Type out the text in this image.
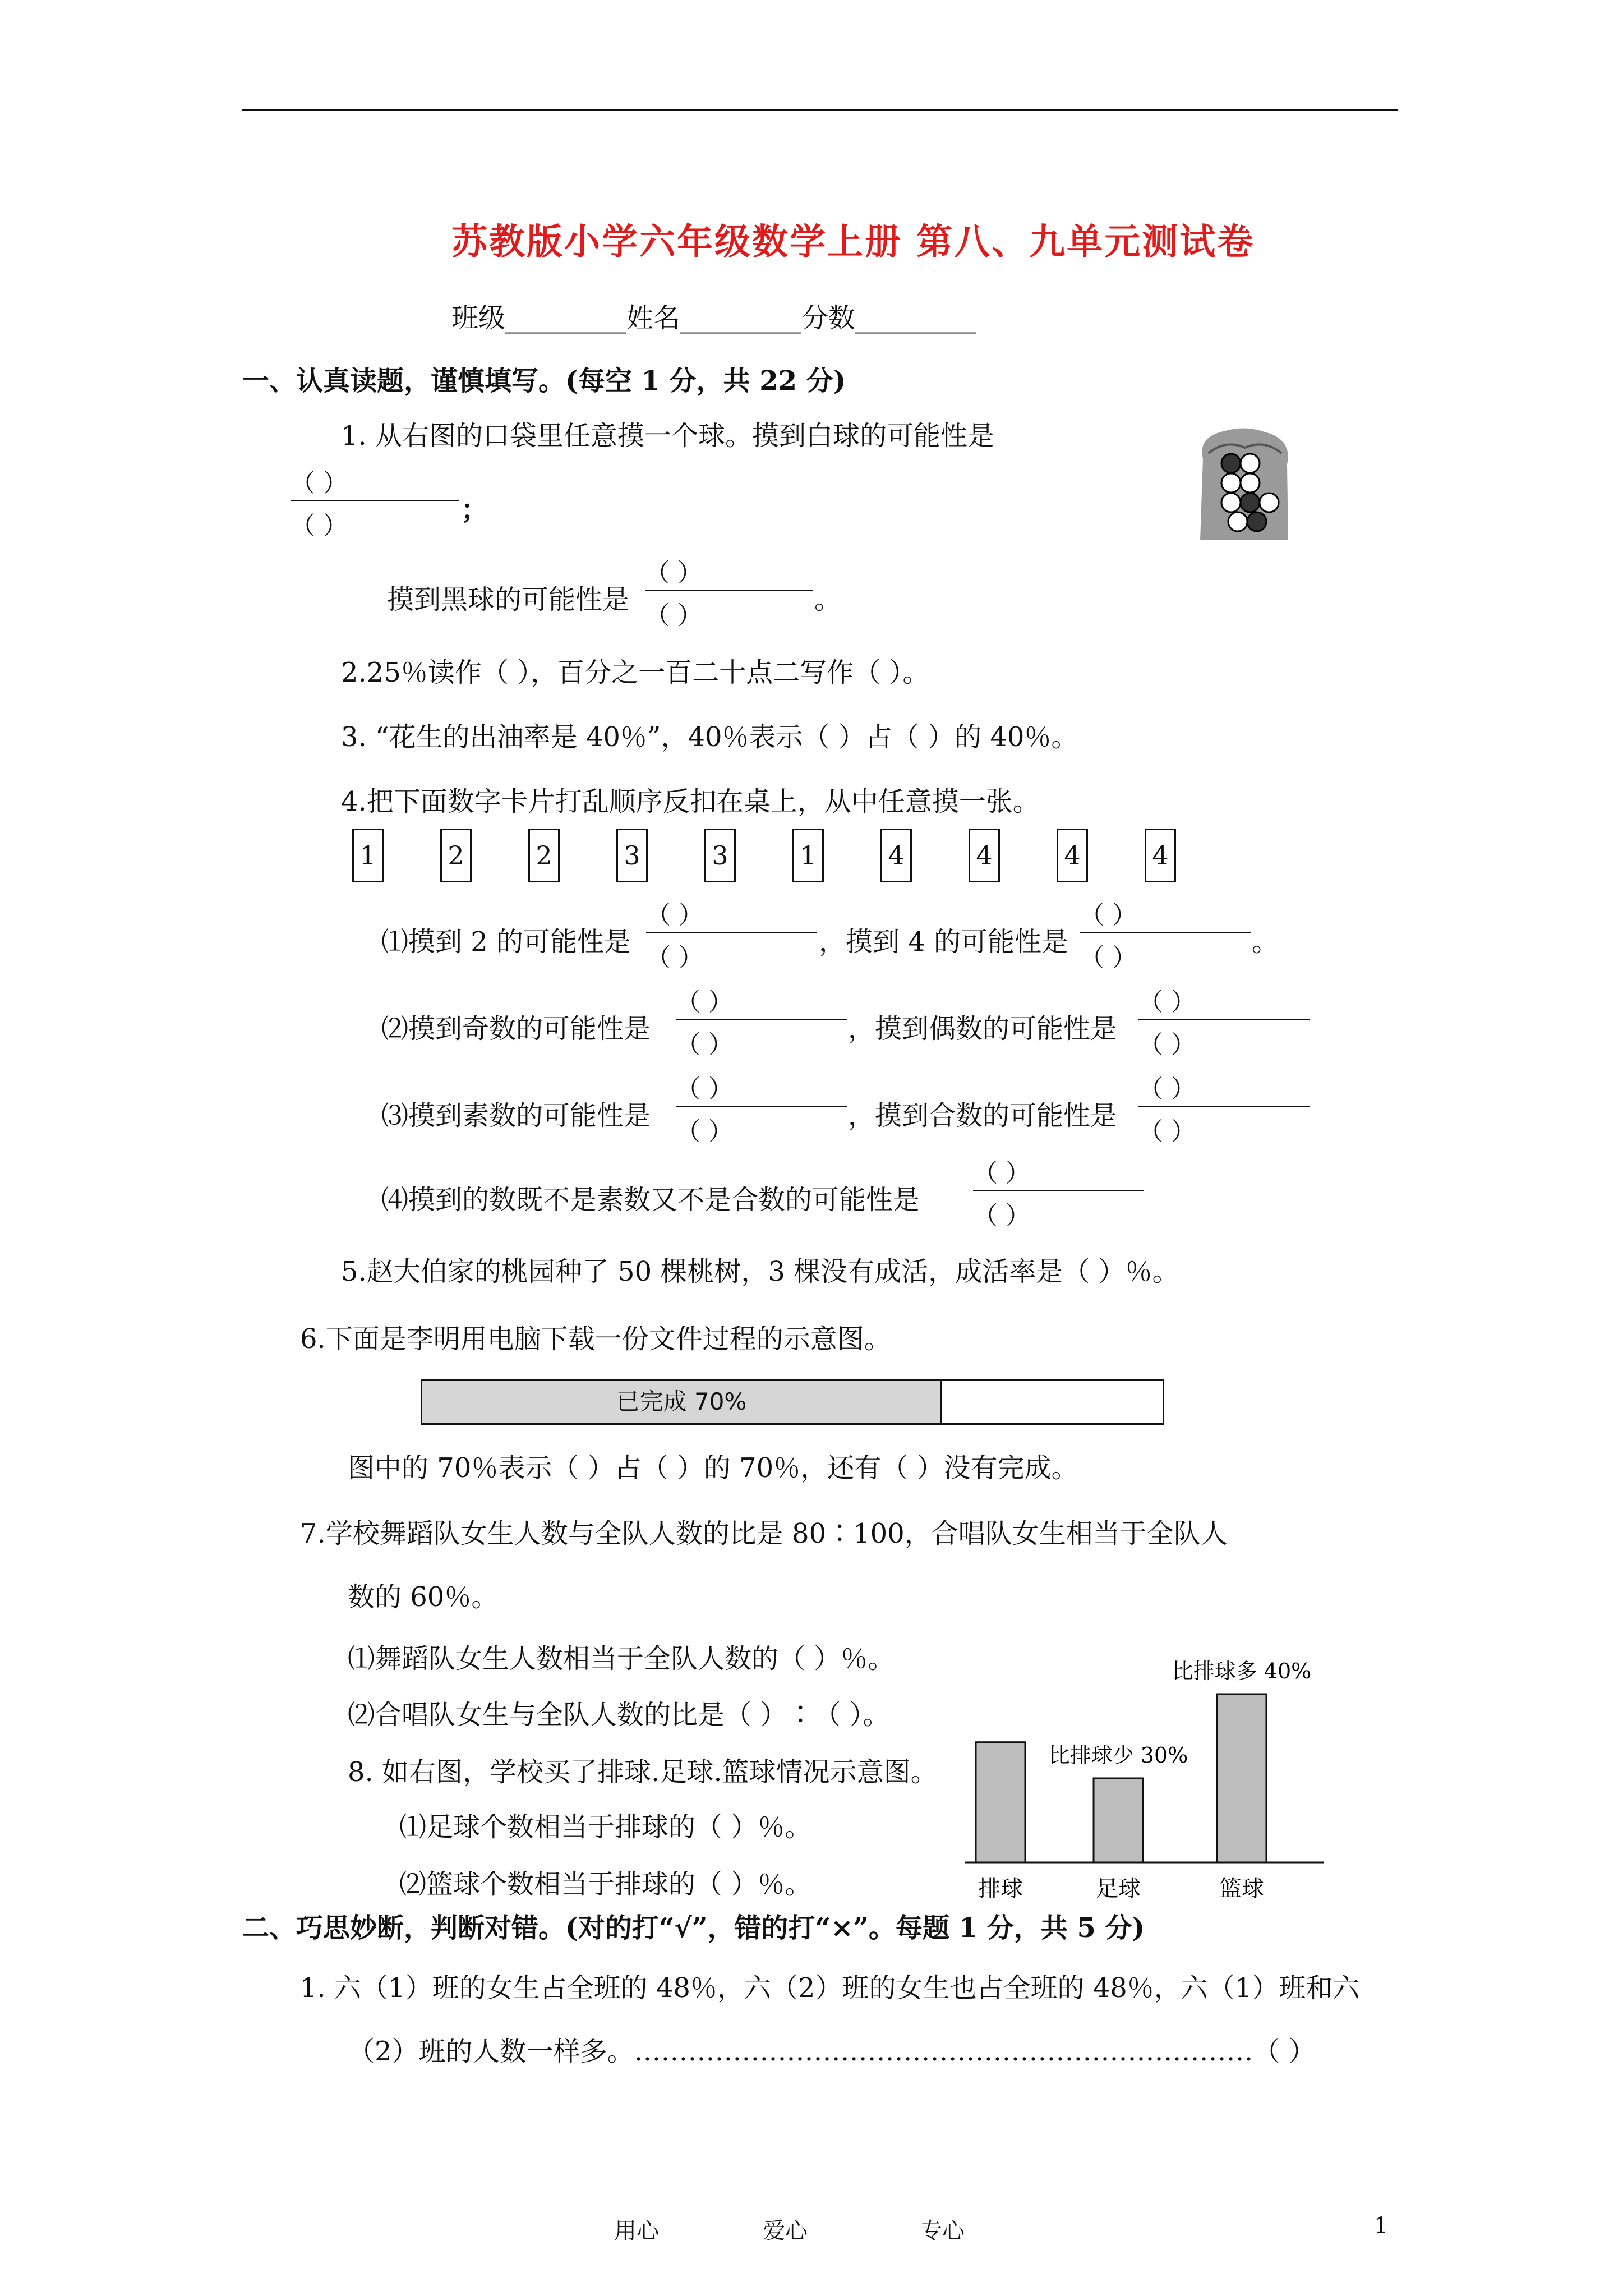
苏教版小学六年级数学上册 第八、九单元测试卷
班级_________姓名_________分数_________
一、认真读题，谨慎填写。(每空 1 分，共 22 分)
1. 从右图的口袋里任意摸一个球。摸到白球的可能性是
（ ）
（ ）
；
摸到黑球的可能性是
（ ）
（ ）
。
2.25％读作（ ），百分之一百二十点二写作（ ）。
3. “花生的出油率是 40％”，40％表示（ ）占（ ）的 40％。
4.把下面数字卡片打乱顺序反扣在桌上，从中任意摸一张。
1	2	2	3	3	1	4	4	4	4
⑴摸到 2 的可能性是
（ ）
（ ）
，摸到 4 的可能性是
（ ）
（ ）
。
⑵摸到奇数的可能性是
（ ）
（ ）
，摸到偶数的可能性是
（ ）
（ ）
⑶摸到素数的可能性是
（ ）
（ ）
，摸到合数的可能性是
（ ）
（ ）
⑷摸到的数既不是素数又不是合数的可能性是
（ ）
（ ）
5.赵大伯家的桃园种了 50 棵桃树，3 棵没有成活，成活率是（ ）％。
6.下面是李明用电脑下载一份文件过程的示意图。
已完成 70%
图中的 70％表示（ ）占（ ）的 70％，还有（ ）没有完成。
7.学校舞蹈队女生人数与全队人数的比是 80∶100，合唱队女生相当于全队人
数的 60％。
⑴舞蹈队女生人数相当于全队人数的（ ）％。
⑵合唱队女生与全队人数的比是（ ）∶（ ）。
8. 如右图，学校买了排球.足球.篮球情况示意图。
⑴足球个数相当于排球的（ ）％。
⑵篮球个数相当于排球的（ ）％。	排球	足球
比排球少 30%
篮球
比排球多 40%
二、巧思妙断，判断对错。(对的打“√”，错的打“×”。每题 1 分，共 5 分)
1. 六（1）班的女生占全班的 48％，六（2）班的女生也占全班的 48％，六（1）班和六
（2）班的人数一样多。……………………………………………………………（ ）
用心	爱心	专心	1
